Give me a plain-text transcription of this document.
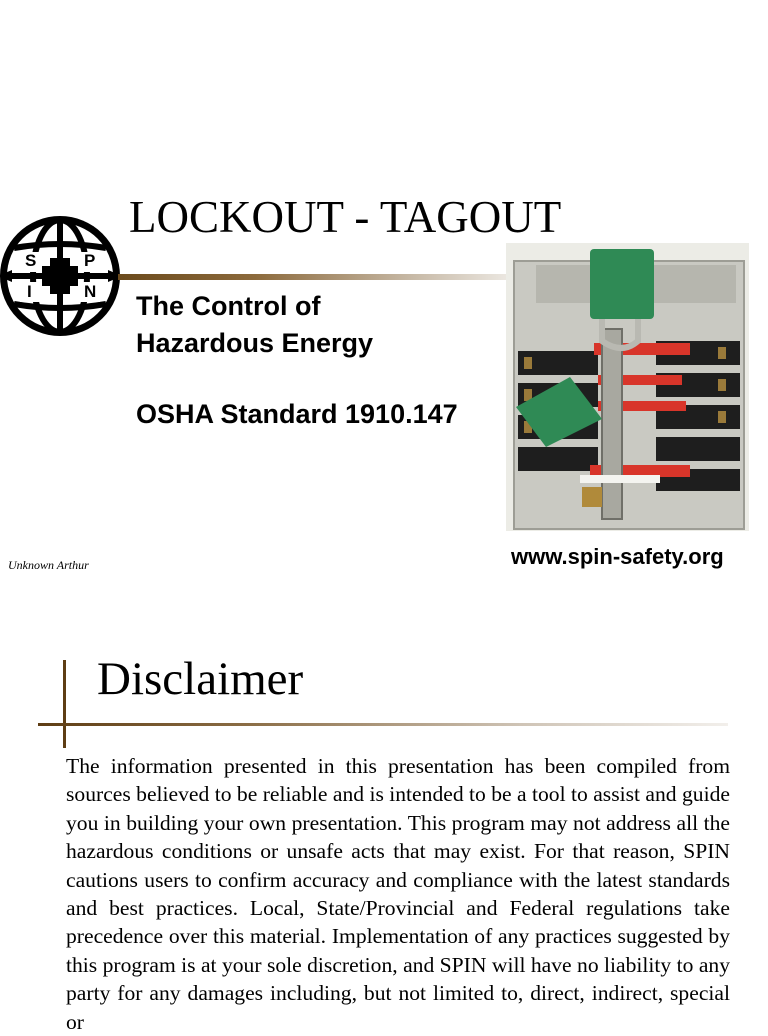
S	P
I	N
LOCKOUT - TAGOUT
The Control of
Hazardous Energy
OSHA Standard 1910.147
Unknown Arthur	www.spin-safety.org
Disclaimer
The information presented in this presentation has been compiled from sources believed to be reliable and is intended to be a tool to assist and guide you in building your own presentation. This program may not address all the hazardous conditions or unsafe acts that may exist. For that reason, SPIN cautions users to confirm accuracy and compliance with the latest standards and best practices. Local, State/Provincial and Federal regulations take precedence over this material. Implementation of any practices suggested by this program is at your sole discretion, and SPIN will have no liability to any party for any damages including, but not limited to, direct, indirect, special or
